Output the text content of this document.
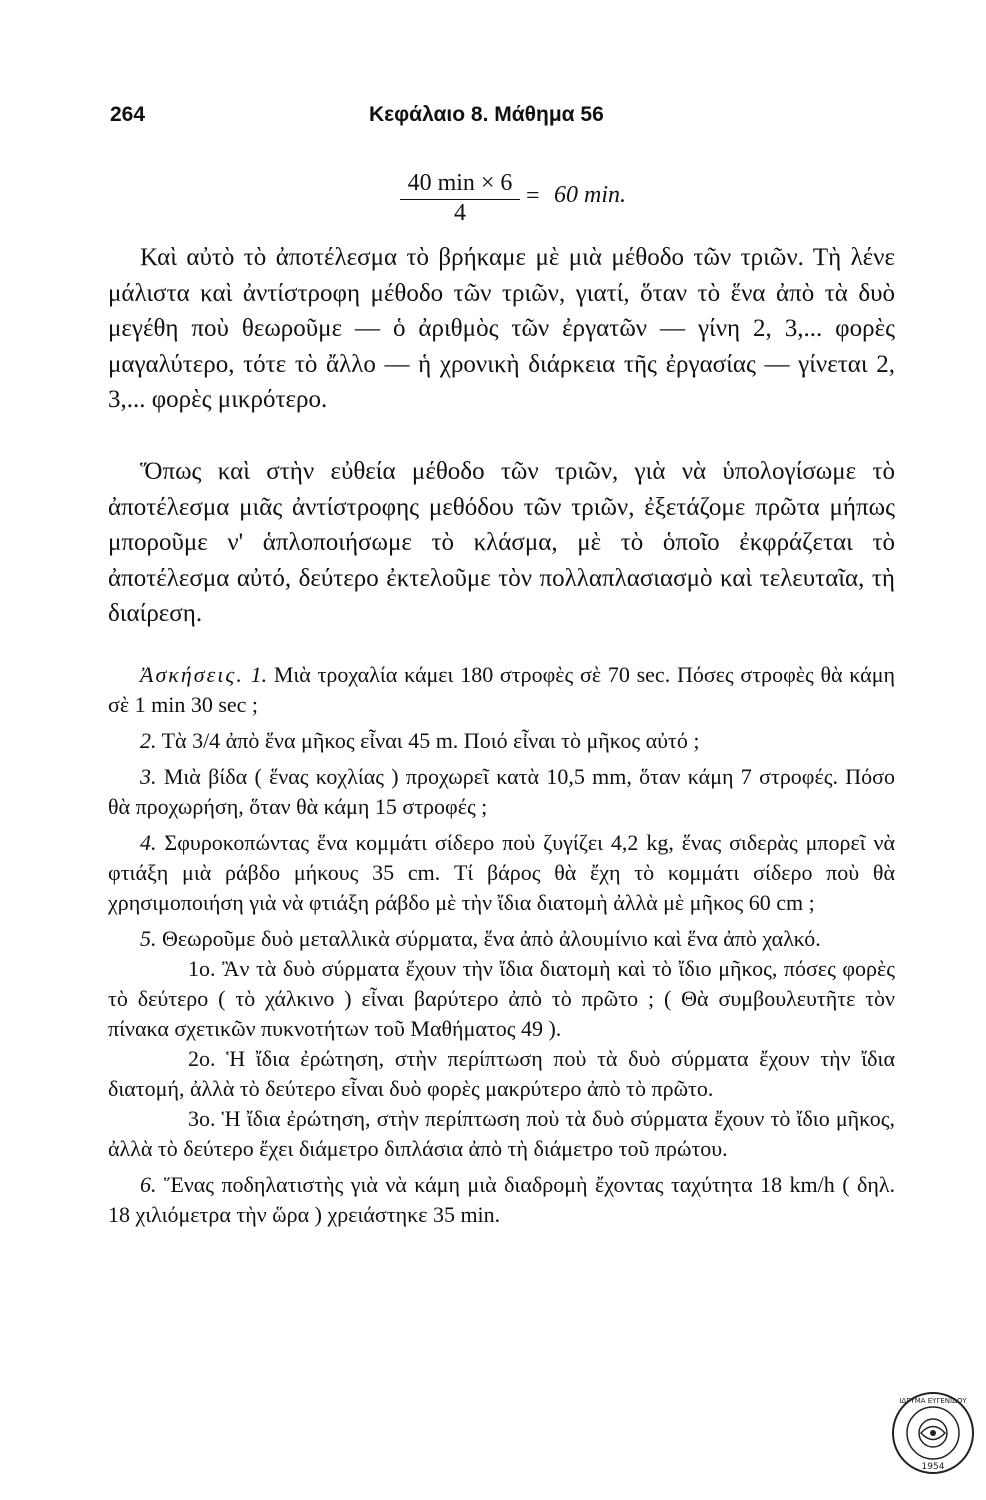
264	Κεφάλαιο 8. Μάθημα 56
40 min × 6
4
= 60 min.

Καὶ αὐτὸ τὸ ἀποτέλεσμα τὸ βρήκαμε μὲ μιὰ μέθοδο τῶν τριῶν. Τὴ λένε μάλιστα καὶ ἀντίστροφη μέθοδο τῶν τριῶν, γιατί, ὅταν τὸ ἕνα ἀπὸ τὰ δυὸ μεγέθη ποὺ θεωροῦμε — ὁ ἀριθμὸς τῶν ἐργατῶν — γίνη 2, 3,... φορὲς μαγαλύτερο, τότε τὸ ἄλλο — ἡ χρονικὴ διάρκεια τῆς ἐργασίας — γίνεται 2, 3,... φορὲς μικρότερο.

Ὅπως καὶ στὴν εὐθεία μέθοδο τῶν τριῶν, γιὰ νὰ ὑπολογίσωμε τὸ ἀποτέλεσμα μιᾶς ἀντίστροφης μεθόδου τῶν τριῶν, ἐξετάζομε πρῶτα μήπως μποροῦμε ν' ἁπλοποιήσωμε τὸ κλάσμα, μὲ τὸ ὁποῖο ἐκφράζεται τὸ ἀποτέλεσμα αὐτό, δεύτερο ἐκτελοῦμε τὸν πολλαπλασιασμὸ καὶ τελευταῖα, τὴ διαίρεση.

Ἀσκήσεις. 1. Μιὰ τροχαλία κάμει 180 στροφὲς σὲ 70 sec. Πόσες στροφὲς θὰ κάμη σὲ 1 min 30 sec ;

2. Τὰ 3/4 ἀπὸ ἕνα μῆκος εἶναι 45 m. Ποιό εἶναι τὸ μῆκος αὐτό ;

3. Μιὰ βίδα ( ἕνας κοχλίας ) προχωρεῖ κατὰ 10,5 mm, ὅταν κάμη 7 στροφές. Πόσο θὰ προχωρήση, ὅταν θὰ κάμη 15 στροφές ;

4. Σφυροκοπώντας ἕνα κομμάτι σίδερο ποὺ ζυγίζει 4,2 kg, ἕνας σιδερὰς μπορεῖ νὰ φτιάξη μιὰ ράβδο μήκους 35 cm. Τί βάρος θὰ ἔχη τὸ κομμάτι σίδερο ποὺ θὰ χρησιμοποιήση γιὰ νὰ φτιάξη ράβδο μὲ τὴν ἴδια διατομὴ ἀλλὰ μὲ μῆκος 60 cm ;

5. Θεωροῦμε δυὸ μεταλλικὰ σύρματα, ἕνα ἀπὸ ἀλουμίνιο καὶ ἕνα ἀπὸ χαλκό.

1ο. Ἂν τὰ δυὸ σύρματα ἔχουν τὴν ἴδια διατομὴ καὶ τὸ ἴδιο μῆκος, πόσες φορὲς τὸ δεύτερο ( τὸ χάλκινο ) εἶναι βαρύτερο ἀπὸ τὸ πρῶτο ; ( Θὰ συμβουλευτῆτε τὸν πίνακα σχετικῶν πυκνοτήτων τοῦ Μαθήματος 49 ).

2ο. Ἡ ἴδια ἐρώτηση, στὴν περίπτωση ποὺ τὰ δυὸ σύρματα ἔχουν τὴν ἴδια διατομή, ἀλλὰ τὸ δεύτερο εἶναι δυὸ φορὲς μακρύτερο ἀπὸ τὸ πρῶτο.

3ο. Ἡ ἴδια ἐρώτηση, στὴν περίπτωση ποὺ τὰ δυὸ σύρματα ἔχουν τὸ ἴδιο μῆκος, ἀλλὰ τὸ δεύτερο ἔχει διάμετρο διπλάσια ἀπὸ τὴ διάμετρο τοῦ πρώτου.

6. Ἕνας ποδηλατιστὴς γιὰ νὰ κάμη μιὰ διαδρομὴ ἔχοντας ταχύτητα 18 km/h ( δηλ. 18 χιλιόμετρα τὴν ὥρα ) χρειάστηκε 35 min.

1954
ΙΔΡΥΜΑ ΕΥΓΕΝΙΔΟΥ
